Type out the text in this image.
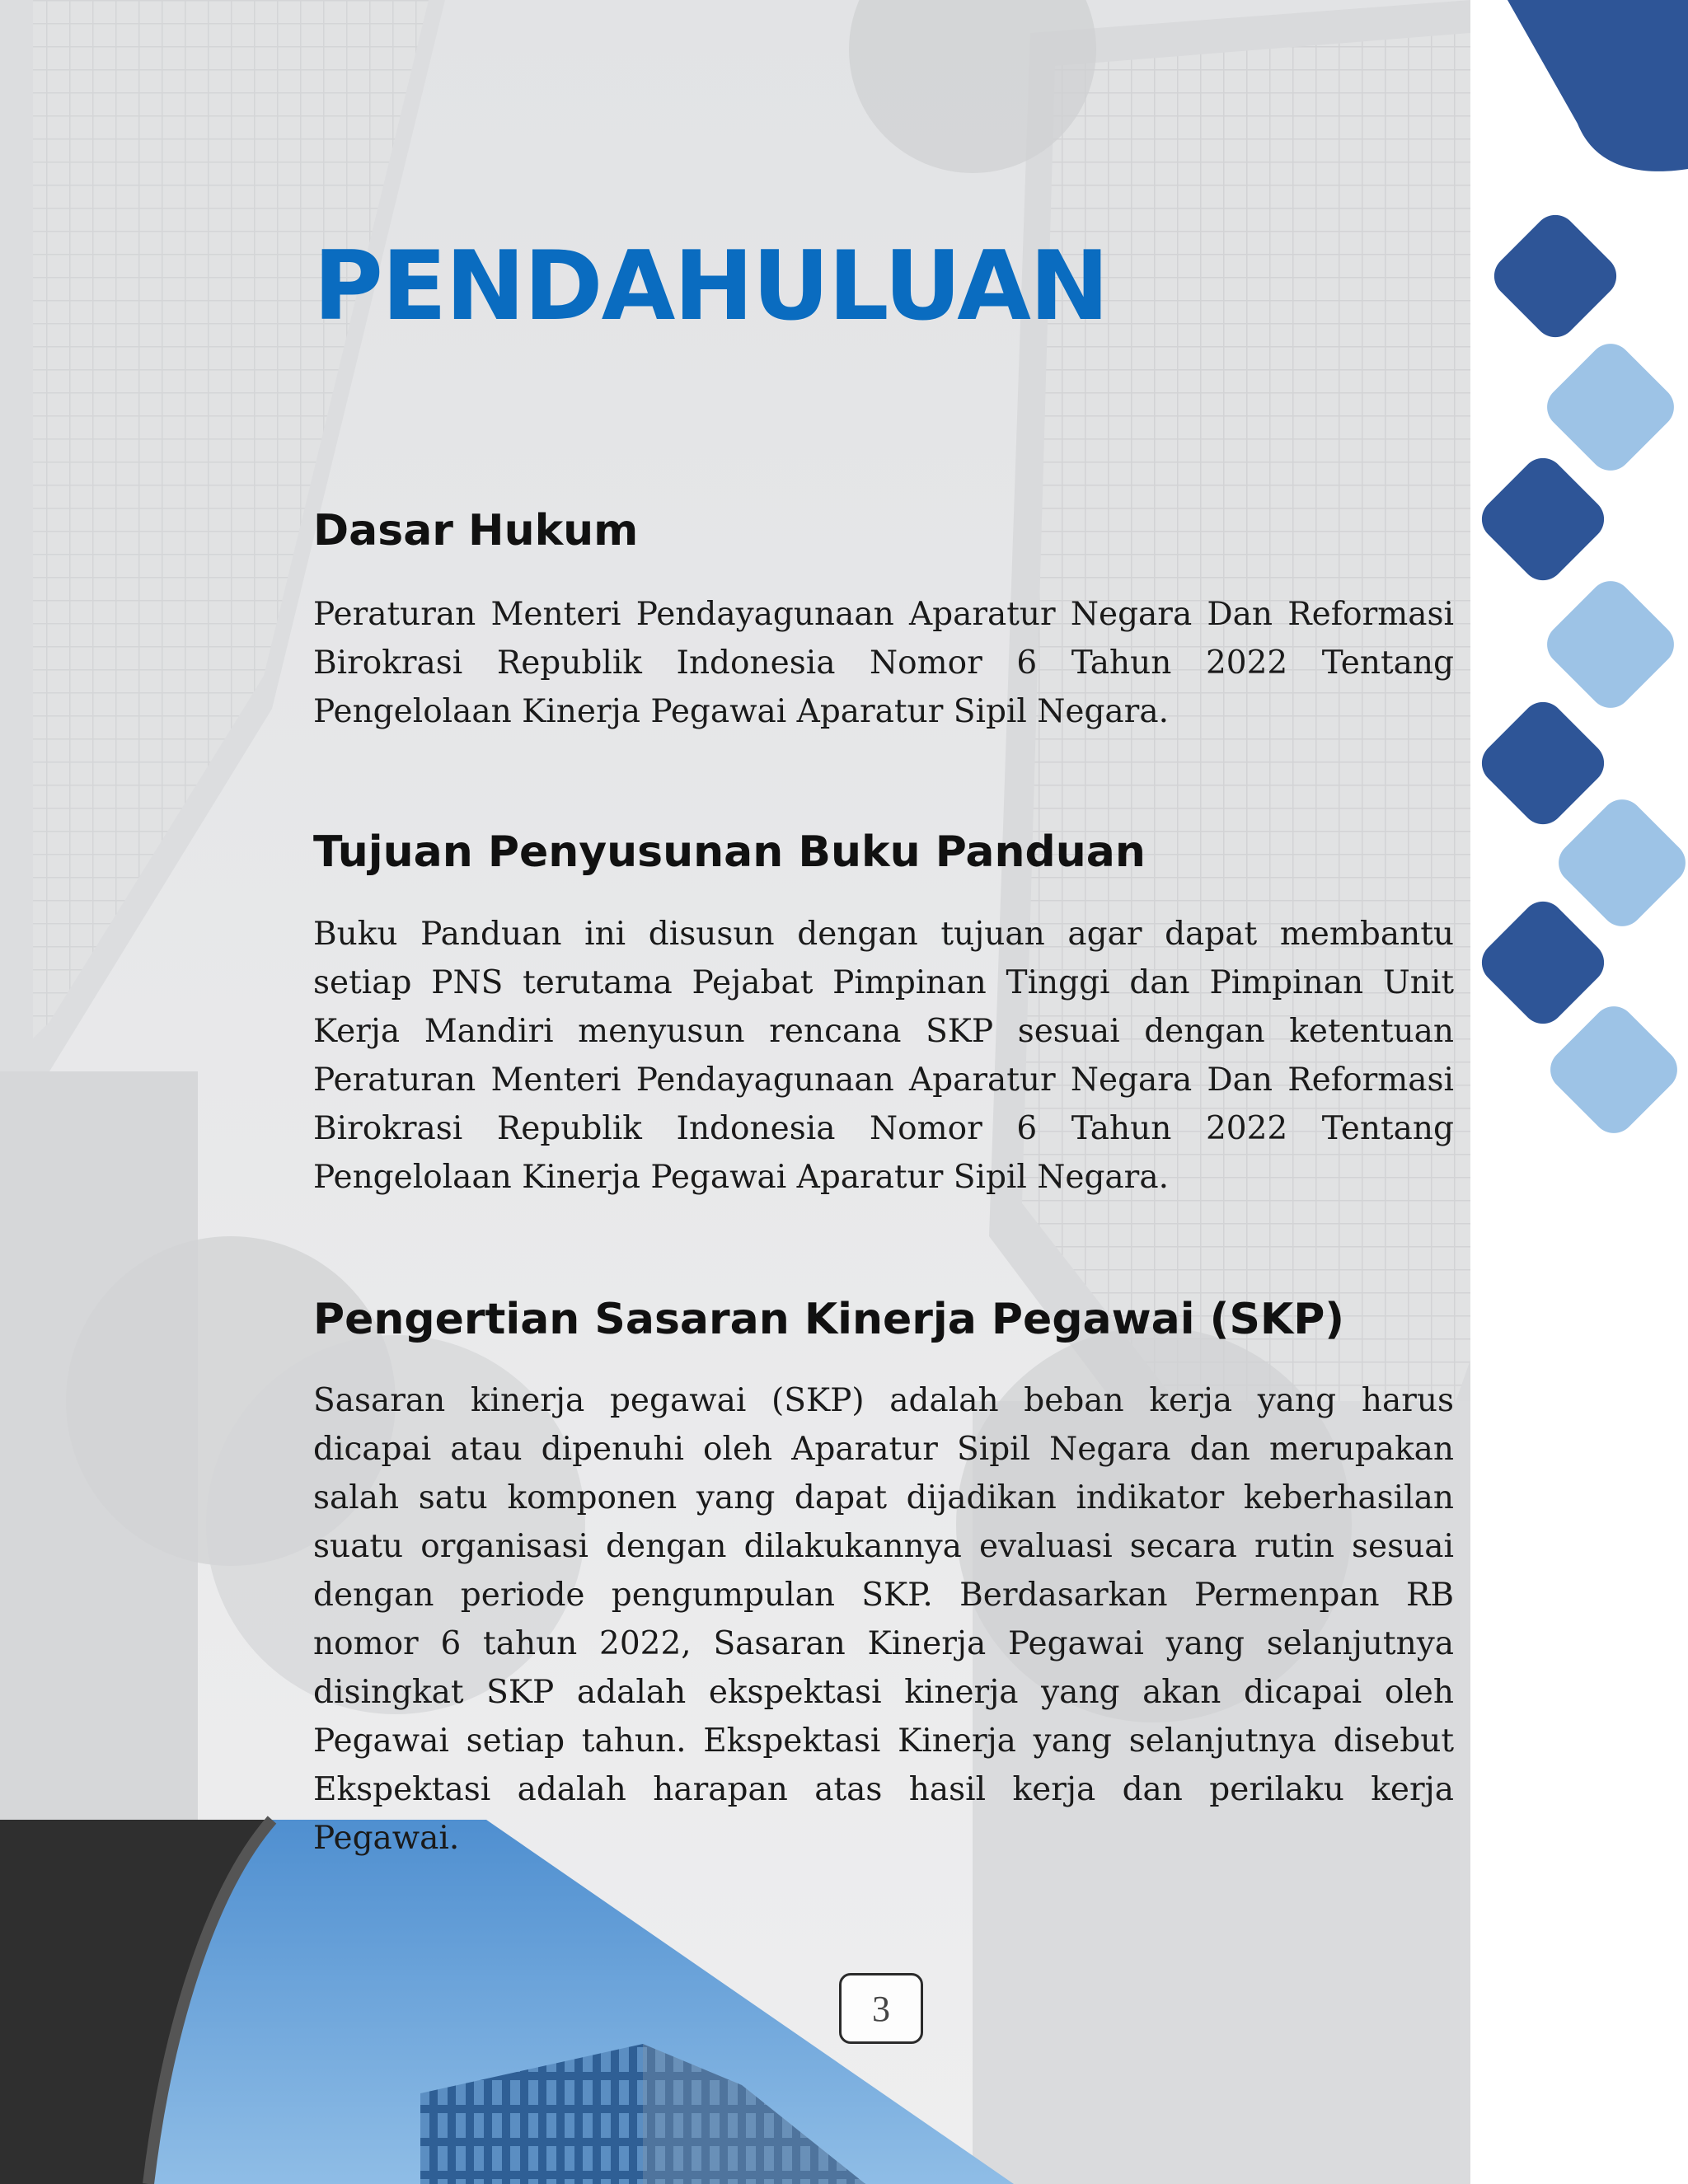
PENDAHULUAN
Dasar Hukum

Peraturan Menteri Pendayagunaan Aparatur Negara Dan Reformasi Birokrasi Republik Indonesia Nomor 6 Tahun 2022 Tentang Pengelolaan Kinerja Pegawai Aparatur Sipil Negara.

Tujuan Penyusunan Buku Panduan

Buku Panduan ini disusun dengan tujuan agar dapat membantu setiap PNS terutama Pejabat Pimpinan Tinggi dan Pimpinan Unit Kerja Mandiri menyusun rencana SKP sesuai dengan ketentuan Peraturan Menteri Pendayagunaan Aparatur Negara Dan Reformasi Birokrasi Republik Indonesia Nomor 6 Tahun 2022 Tentang Pengelolaan Kinerja Pegawai Aparatur Sipil Negara.

Pengertian Sasaran Kinerja Pegawai (SKP)

Sasaran kinerja pegawai (SKP) adalah beban kerja yang harus dicapai atau dipenuhi oleh Aparatur Sipil Negara dan merupakan salah satu komponen yang dapat dijadikan indikator keberhasilan suatu organisasi dengan dilakukannya evaluasi secara rutin sesuai dengan periode pengumpulan SKP. Berdasarkan Permenpan RB nomor 6 tahun 2022, Sasaran Kinerja Pegawai yang selanjutnya disingkat SKP adalah ekspektasi kinerja yang akan dicapai oleh Pegawai setiap tahun. Ekspektasi Kinerja yang selanjutnya disebut Ekspektasi adalah harapan atas hasil kerja dan perilaku kerja Pegawai.

3
